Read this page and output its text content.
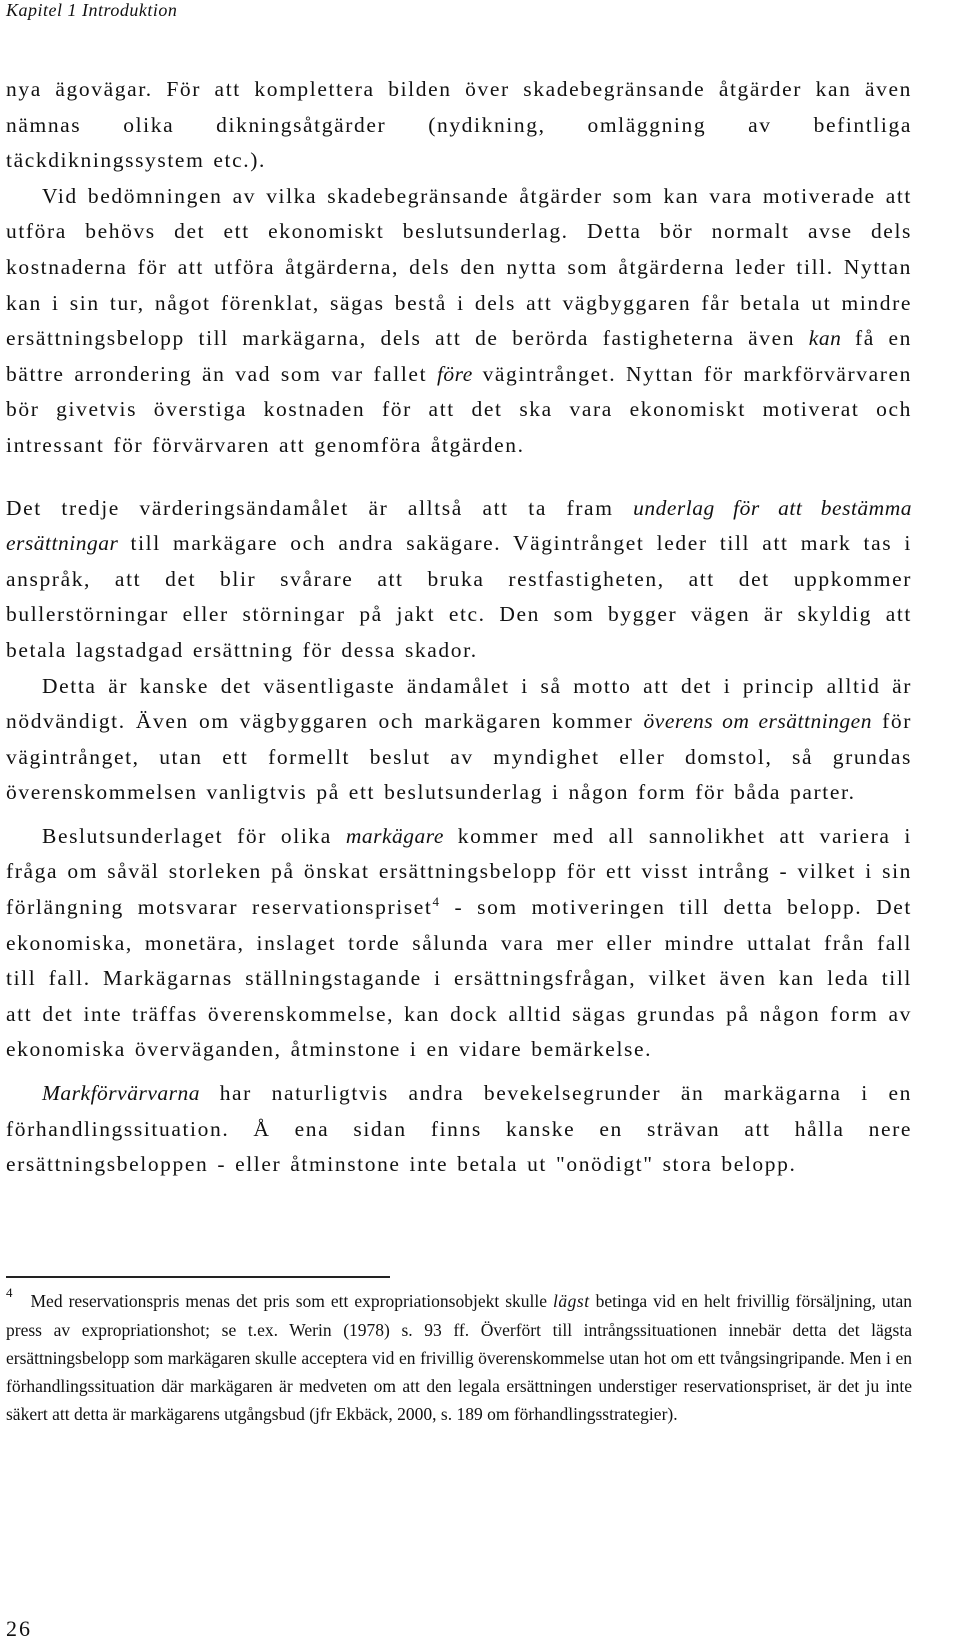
Kapitel 1 Introduktion

nya ägovägar. För att komplettera bilden över skadebegränsande åtgärder kan även nämnas olika dikningsåtgärder (nydikning, omläggning av befintliga täckdikningssystem etc.).

Vid bedömningen av vilka skadebegränsande åtgärder som kan vara motiverade att utföra behövs det ett ekonomiskt beslutsunderlag. Detta bör normalt avse dels kostnaderna för att utföra åtgärderna, dels den nytta som åtgärderna leder till. Nyttan kan i sin tur, något förenklat, sägas bestå i dels att vägbyggaren får betala ut mindre ersättningsbelopp till markägarna, dels att de berörda fastigheterna även kan få en bättre arrondering än vad som var fallet före vägintrånget. Nyttan för markförvärvaren bör givetvis överstiga kostnaden för att det ska vara ekonomiskt motiverat och intressant för förvärvaren att genomföra åtgärden.

Det tredje värderingsändamålet är alltså att ta fram underlag för att bestämma ersättningar till markägare och andra sakägare. Vägintrånget leder till att mark tas i anspråk, att det blir svårare att bruka restfastigheten, att det uppkommer bullerstörningar eller störningar på jakt etc. Den som bygger vägen är skyldig att betala lagstadgad ersättning för dessa skador.

Detta är kanske det väsentligaste ändamålet i så motto att det i princip alltid är nödvändigt. Även om vägbyggaren och markägaren kommer överens om ersättningen för vägintrånget, utan ett formellt beslut av myndighet eller domstol, så grundas överenskommelsen vanligtvis på ett beslutsunderlag i någon form för båda parter.

Beslutsunderlaget för olika markägare kommer med all sannolikhet att variera i fråga om såväl storleken på önskat ersättningsbelopp för ett visst intrång - vilket i sin förlängning motsvarar reservationspriset$^4$ - som motiveringen till detta belopp. Det ekonomiska, monetära, inslaget torde sålunda vara mer eller mindre uttalat från fall till fall. Markägarnas ställningstagande i ersättningsfrågan, vilket även kan leda till att det inte träffas överenskommelse, kan dock alltid sägas grundas på någon form av ekonomiska överväganden, åtminstone i en vidare bemärkelse.

Markförvärvarna har naturligtvis andra bevekelsegrunder än markägarna i en förhandlingssituation. Å ena sidan finns kanske en strävan att hålla nere ersättningsbeloppen - eller åtminstone inte betala ut "onödigt" stora belopp.

$^4$ Med reservationspris menas det pris som ett expropriationsobjekt skulle lägst betinga vid en helt frivillig försäljning, utan press av expropriationshot; se t.ex. Werin (1978) s. 93 ff. Överfört till intrångssituationen innebär detta det lägsta ersättningsbelopp som markägaren skulle acceptera vid en frivillig överenskommelse utan hot om ett tvångsingripande. Men i en förhandlingssituation där markägaren är medveten om att den legala ersättningen understiger reservationspriset, är det ju inte säkert att detta är markägarens utgångsbud (jfr Ekbäck, 2000, s. 189 om förhandlingsstrategier).

26
